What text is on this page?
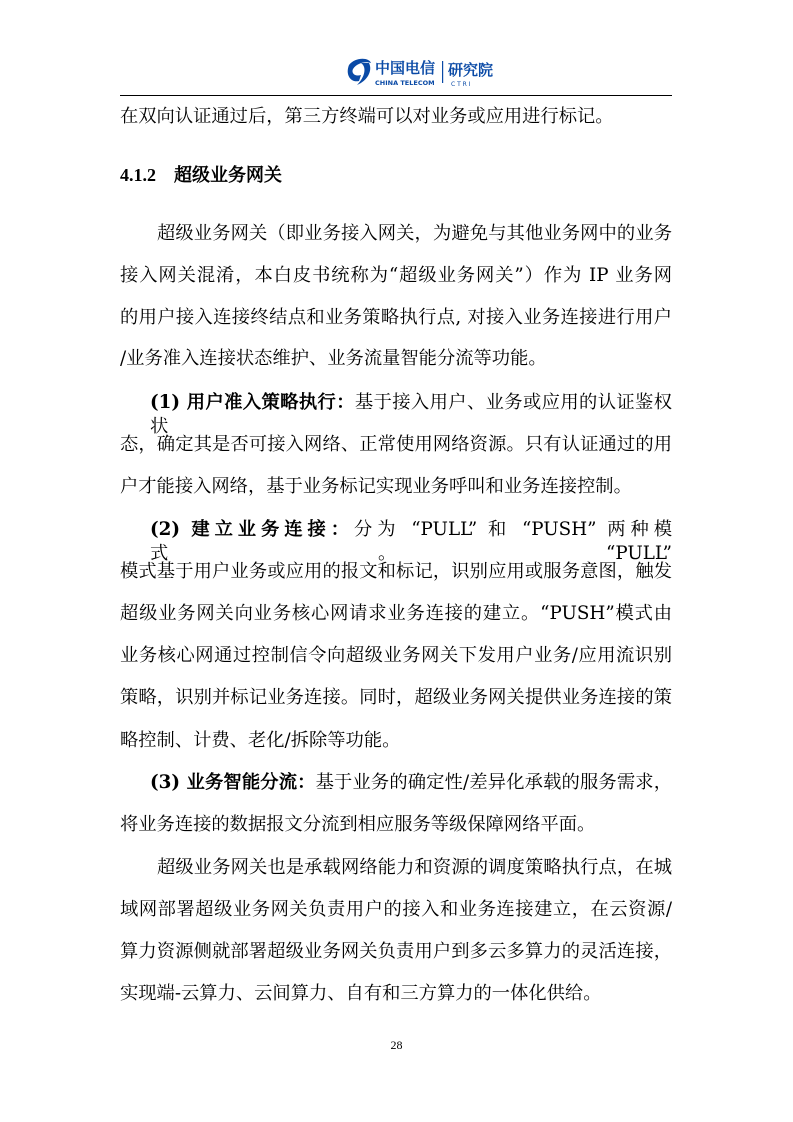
中国电信
CHINA TELECOM
研究院
C T R I
在双向认证通过后，第三方终端可以对业务或应用进行标记。
4.1.2    超级业务网关
超级业务网关（即业务接入网关，为避免与其他业务网中的业务
接入网关混淆，本白皮书统称为“超级业务网关”）作为 IP 业务网
的用户接入连接终结点和业务策略执行点, 对接入业务连接进行用户
/业务准入连接状态维护、业务流量智能分流等功能。
(1) 用户准入策略执行：基于接入用户、业务或应用的认证鉴权状
态，确定其是否可接入网络、正常使用网络资源。只有认证通过的用
户才能接入网络，基于业务标记实现业务呼叫和业务连接控制。
(2) 建立业务连接：分为 “PULL” 和 “PUSH” 两种模式。“PULL”
模式基于用户业务或应用的报文和标记，识别应用或服务意图，触发
超级业务网关向业务核心网请求业务连接的建立。“PUSH”模式由
业务核心网通过控制信令向超级业务网关下发用户业务/应用流识别
策略，识别并标记业务连接。同时，超级业务网关提供业务连接的策
略控制、计费、老化/拆除等功能。
(3) 业务智能分流：基于业务的确定性/差异化承载的服务需求，
将业务连接的数据报文分流到相应服务等级保障网络平面。
超级业务网关也是承载网络能力和资源的调度策略执行点，在城
域网部署超级业务网关负责用户的接入和业务连接建立，在云资源/
算力资源侧就部署超级业务网关负责用户到多云多算力的灵活连接，
实现端-云算力、云间算力、自有和三方算力的一体化供给。
28
